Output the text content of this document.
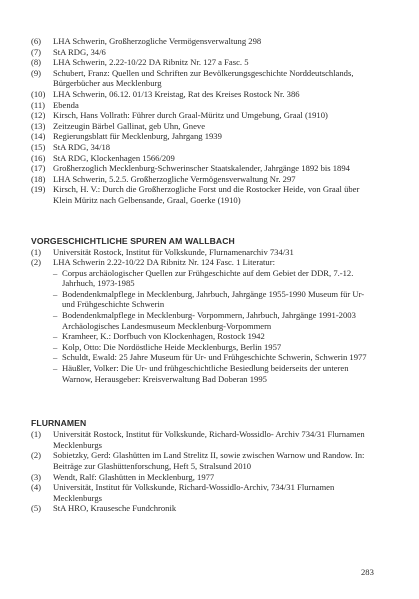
(6)	LHA Schwerin, Großherzogliche Vermögensverwaltung 298
(7)	StA RDG, 34/6
(8)	LHA Schwerin, 2.22-10/22 DA Ribnitz Nr. 127 a Fasc. 5
(9)	Schubert, Franz: Quellen und Schriften zur Bevölkerungsgeschichte Norddeutschlands, Bürgerbücher aus Mecklenburg
(10) LHA Schwerin, 06.12. 01/13 Kreistag, Rat des Kreises Rostock Nr. 386
(11) Ebenda
(12) Kirsch, Hans Vollrath: Führer durch Graal-Müritz und Umgebung, Graal (1910)
(13) Zeitzeugin Bärbel Gallinat, geb Uhn, Gneve
(14) Regierungsblatt für Mecklenburg, Jahrgang 1939
(15) StA RDG, 34/18
(16) StA RDG, Klockenhagen 1566/209
(17) Großherzoglich Mecklenburg-Schwerinscher Staatskalender, Jahrgänge 1892 bis 1894
(18) LHA Schwerin, 5.2.5. Großherzogliche Vermögensverwaltung Nr. 297
(19) Kirsch, H. V.: Durch die Großherzogliche Forst und die Rostocker Heide, von Graal über Klein Müritz nach Gelbensande, Graal, Goerke (1910)
VORGESCHICHTLICHE SPUREN AM WALLBACH
(1)	Universität Rostock, Institut für Volkskunde, Flurnamenarchiv 734/31
(2)	LHA Schwerin 2.22-10/22 DA Ribnitz Nr. 124 Fasc. 1 Literatur:
– Corpus archäologischer Quellen zur Frühgeschichte auf dem Gebiet der DDR, 7.-12. Jahrhuch, 1973-1985
– Bodendenkmalpflege in Mecklenburg, Jahrbuch, Jahrgänge 1955-1990 Museum für Ur- und Frühgeschichte Schwerin
– Bodendenkmalpflege in Mecklenburg- Vorpommern, Jahrbuch, Jahrgänge 1991-2003 Archäologisches Landesmuseum Mecklenburg-Vorpommern
– Kramheer, K.: Dorfbuch von Klockenhagen, Rostock 1942
– Kolp, Otto: Die Nordöstliche Heide Mecklenburgs, Berlin 1957
– Schuldt, Ewald: 25 Jahre Museum für Ur- und Frühgeschichte Schwerin, Schwerin 1977
– Häußler, Volker: Die Ur- und frühgeschichtliche Besiedlung beiderseits der unteren Warnow, Herausgeber: Kreisverwaltung Bad Doberan 1995
FLURNAMEN
(1)	Universität Rostock, Institut für Volkskunde, Richard-Wossidlo- Archiv 734/31 Flurnamen Mecklenburgs
(2)	Sobietzky, Gerd: Glashütten im Land Strelitz II, sowie zwischen Warnow und Randow. In: Beiträge zur Glashüttenforschung, Heft 5, Stralsund 2010
(3)	Wendt, Ralf: Glashütten in Mecklenburg, 1977
(4)	Universität, Institut für Volkskunde, Richard-Wossidlo-Archiv, 734/31 Flurnamen Mecklenburgs
(5)	StA HRO, Krausesche Fundchronik
283
